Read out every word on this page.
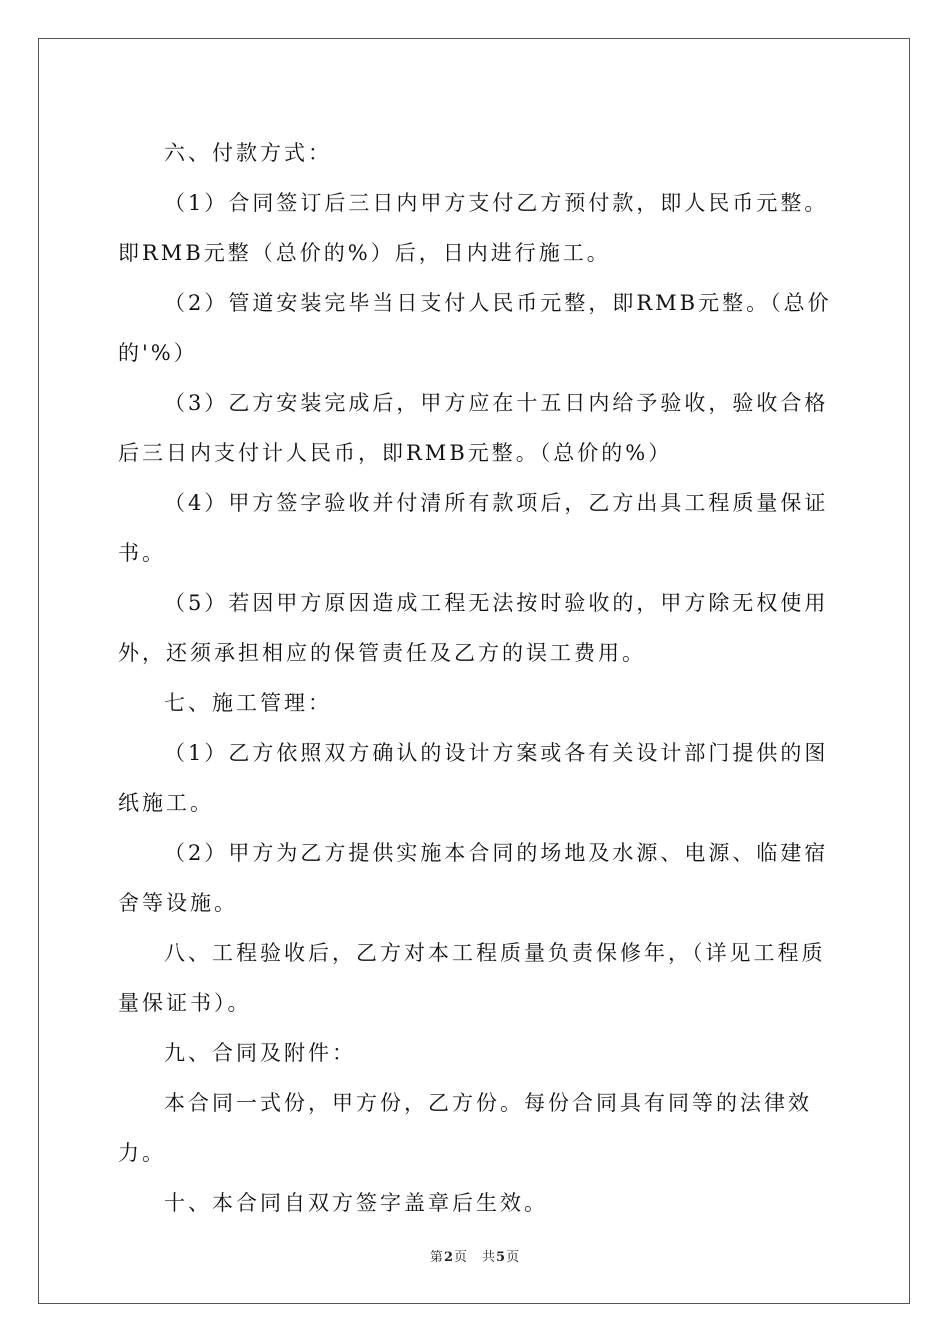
六、付款方式：

（1）合同签订后三日内甲方支付乙方预付款，即人民币元整。即RMB元整（总价的%）后，日内进行施工。

（2）管道安装完毕当日支付人民币元整，即RMB元整。（总价的'%）

（3）乙方安装完成后，甲方应在十五日内给予验收，验收合格后三日内支付计人民币，即RMB元整。（总价的%）

（4）甲方签字验收并付清所有款项后，乙方出具工程质量保证书。

（5）若因甲方原因造成工程无法按时验收的，甲方除无权使用外，还须承担相应的保管责任及乙方的误工费用。

七、施工管理：

（1）乙方依照双方确认的设计方案或各有关设计部门提供的图纸施工。

（2）甲方为乙方提供实施本合同的场地及水源、电源、临建宿舍等设施。

八、工程验收后，乙方对本工程质量负责保修年，（详见工程质量保证书）。

九、合同及附件：

本合同一式份，甲方份，乙方份。每份合同具有同等的法律效力。

十、本合同自双方签字盖章后生效。

第2页 共5页
